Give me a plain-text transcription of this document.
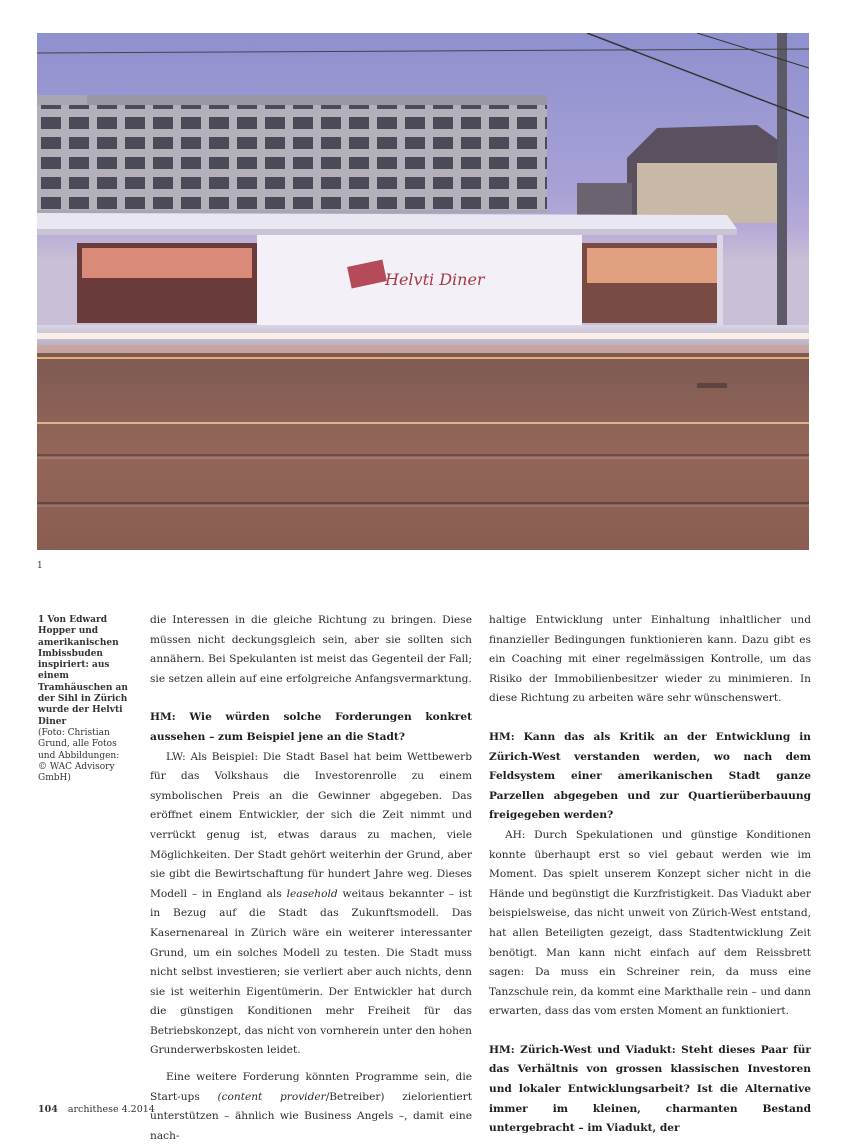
Helvti Diner
1
1 Von Edward Hopper und amerikanischen Imbissbuden inspiriert: aus einem Tramhäuschen an der Sihl in Zürich wurde der Helvti Diner
(Foto: Christian Grund, alle Fotos und Abbildungen: © WAC Advisory GmbH)

die Interessen in die gleiche Richtung zu bringen. Diese müssen nicht deckungsgleich sein, aber sie sollten sich annähern. Bei Spekulanten ist meist das Gegenteil der Fall; sie setzen allein auf eine erfolgreiche Anfangsvermarktung.

HM: Wie würden solche Forderungen konkret aussehen – zum Beispiel jene an die Stadt?

LW: Als Beispiel: Die Stadt Basel hat beim Wettbewerb für das Volkshaus die Investorenrolle zu einem symbolischen Preis an die Gewinner abgegeben. Das eröffnet einem Entwickler, der sich die Zeit nimmt und verrückt genug ist, etwas daraus zu machen, viele Möglichkeiten. Der Stadt gehört weiterhin der Grund, aber sie gibt die Bewirtschaftung für hundert Jahre weg. Dieses Modell – in England als leasehold weitaus bekannter – ist in Bezug auf die Stadt das Zukunftsmodell. Das Kasernenareal in Zürich wäre ein weiterer interessanter Grund, um ein solches Modell zu testen. Die Stadt muss nicht selbst investieren; sie verliert aber auch nichts, denn sie ist weiterhin Eigentümerin. Der Entwickler hat durch die günstigen Konditionen mehr Freiheit für das Betriebskonzept, das nicht von vornherein unter den hohen Grunderwerbskosten leidet.

Eine weitere Forderung könnten Programme sein, die Start-ups (content provider/Betreiber) zielorientiert unterstützen – ähnlich wie Business Angels –, damit eine nach-

haltige Entwicklung unter Einhaltung inhaltlicher und finanzieller Bedingungen funktionieren kann. Dazu gibt es ein Coaching mit einer regelmässigen Kontrolle, um das Risiko der Immobilienbesitzer wieder zu minimieren. In diese Richtung zu arbeiten wäre sehr wünschenswert.

HM: Kann das als Kritik an der Entwicklung in Zürich-West verstanden werden, wo nach dem Feldsystem einer amerikanischen Stadt ganze Parzellen abgegeben und zur Quartierüberbauung freigegeben werden?

AH: Durch Spekulationen und günstige Konditionen konnte überhaupt erst so viel gebaut werden wie im Moment. Das spielt unserem Konzept sicher nicht in die Hände und begünstigt die Kurzfristigkeit. Das Viadukt aber beispielsweise, das nicht unweit von Zürich-West entstand, hat allen Beteiligten gezeigt, dass Stadtentwicklung Zeit benötigt. Man kann nicht einfach auf dem Reissbrett sagen: Da muss ein Schreiner rein, da muss eine Tanzschule rein, da kommt eine Markthalle rein – und dann erwarten, dass das vom ersten Moment an funktioniert.

HM: Zürich-West und Viadukt: Steht dieses Paar für das Verhältnis von grossen klassischen Investoren und lokaler Entwicklungsarbeit? Ist die Alternative immer im kleinen, charmanten Bestand untergebracht – im Viadukt, der

104 archithese 4.2014
